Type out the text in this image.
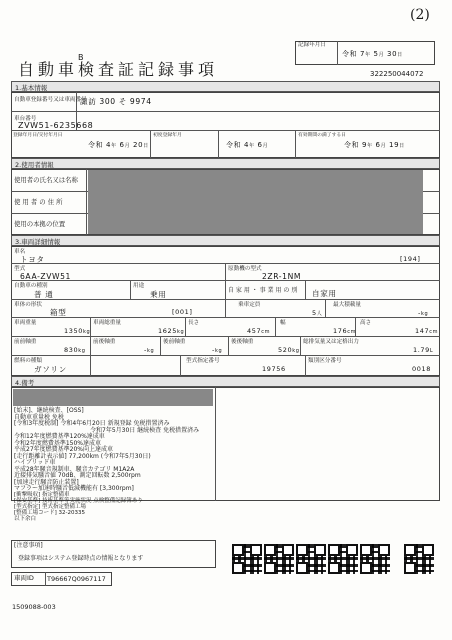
(2)
B
自動車検査証記録事項
記録年月日
令和 7年 5月 30日
322250044072
1.基本情報
自動車登録番号又は車両番号
諏訪 300 そ 9974
車台番号
ZVW51-6235668
登録年月日/交付年月日
令和 4年 6月 20日
初度登録年月
令和 4年 6月
有効期間の満了する日
令和 9年 6月 19日
2.使用者情報
使用者の氏名又は名称
使 用 者 の 住 所
使用の本拠の位置
3.車両詳細情報
車名
トヨタ	[194]
型式
6AA-ZVW51
原動機の型式
2ZR-1NM
自動車の種別
普 通
用途
乗用	自 家 用 ・ 事 業 用 の 別 自家用
車体の形状
箱型	[001]
乗車定員
5人
最大積載量
-kg
車両重量
1350kg
車両総重量
1625kg
長さ
457cm
幅
176cm
高さ
147cm
前前軸重
830kg
前後軸重
-kg
後前軸重
-kg
後後軸重
520kg
総排気量又は定格出力
1.79L
燃料の種類
ガソリン
型式指定番号
19756
類別区分番号
0018
4.備考
[始末]、継続検査、[OSS]
自動車重量税 免税
[令和3年度税制] 令和4年6月20日 新規登録 免税措置済み
令和7年5月30日 継続検査 免税措置済み
令和12年度燃費基準120%達成車
令和2年度燃費基準150%達成車
平成27年度燃費基準20%向上達成車
[走行距離計表示値] 77,200km (令和7年5月30日)
ハイブリッド車
平成28年騒音規制車、騒音カテゴリ M1A2A
近接排気騒音値 70dB、測定回転数 2,500rpm
[加速走行騒音防止装置]
マフラー加速時騒音低減機能有 [3,300rpm]
[衝撃吸収] 指定整備車
[保安基準] 技術基準等実施状況 点検整備記録簿あり
[型式指定] 型式指定整備工場
[整備工場コード] 32-20335
以下余白
[注意事項]
登録事項はシステム登録時点の情報となります
車両ID T96667Q0967117
1509088-003
